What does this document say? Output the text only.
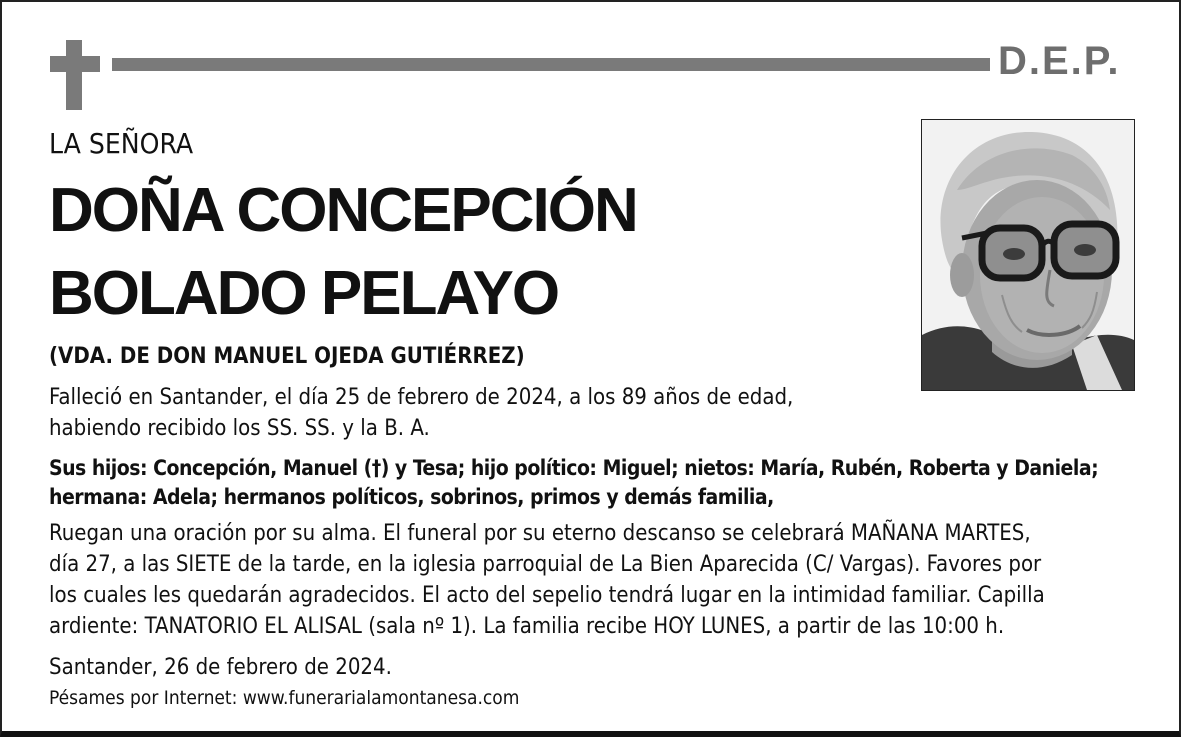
D.E.P.
LA SEÑORA
DOÑA CONCEPCIÓN
BOLADO PELAYO
(VDA. DE DON MANUEL OJEDA GUTIÉRREZ)
Falleció en Santander, el día 25 de febrero de 2024, a los 89 años de edad,
habiendo recibido los SS. SS. y la B. A.
Sus hijos: Concepción, Manuel (†) y Tesa; hijo político: Miguel; nietos: María, Rubén, Roberta y Daniela;
hermana: Adela; hermanos políticos, sobrinos, primos y demás familia,
Ruegan una oración por su alma. El funeral por su eterno descanso se celebrará MAÑANA MARTES,
día 27, a las SIETE de la tarde, en la iglesia parroquial de La Bien Aparecida (C/ Vargas). Favores por
los cuales les quedarán agradecidos. El acto del sepelio tendrá lugar en la intimidad familiar. Capilla
ardiente: TANATORIO EL ALISAL (sala nº 1). La familia recibe HOY LUNES, a partir de las 10:00 h.
Santander, 26 de febrero de 2024.
Pésames por Internet: www.funerarialamontanesa.com
